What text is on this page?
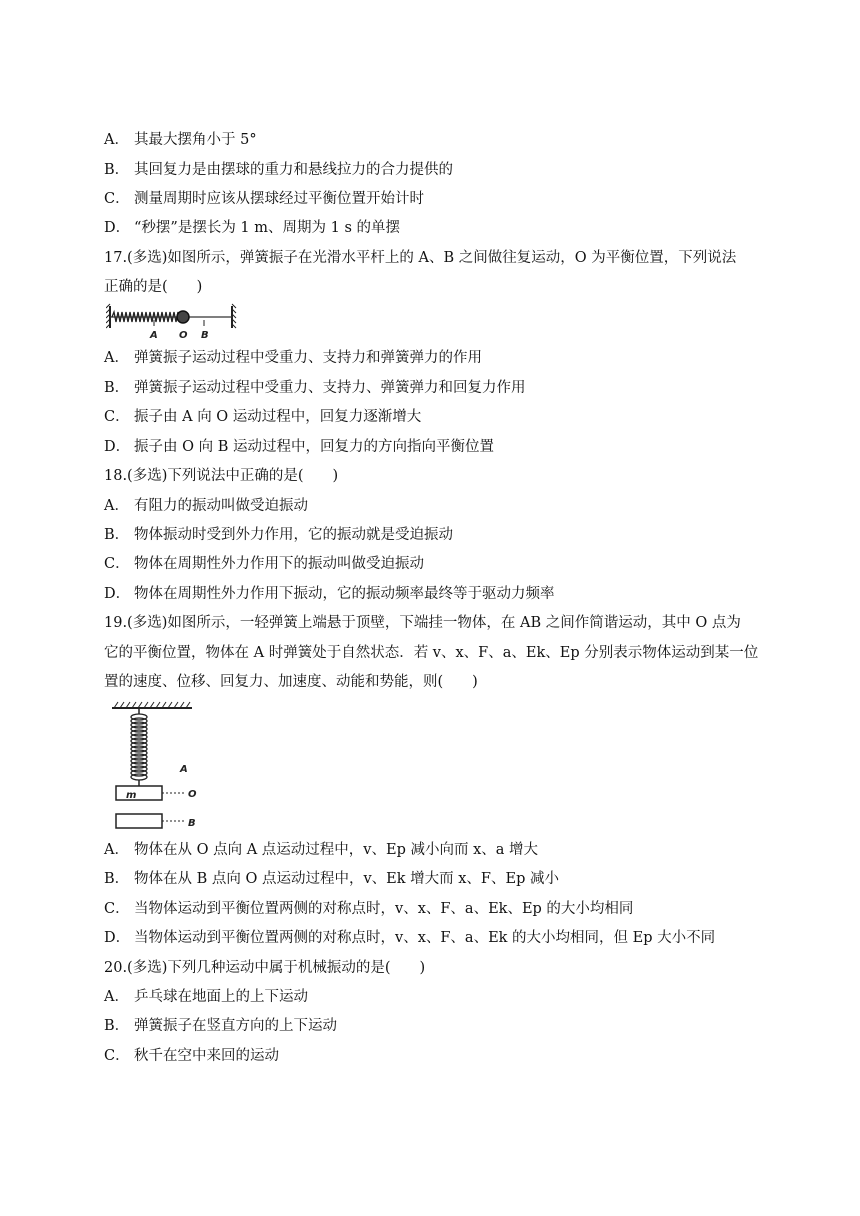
A． 其最大摆角小于 5°
B． 其回复力是由摆球的重力和悬线拉力的合力提供的
C． 测量周期时应该从摆球经过平衡位置开始计时
D． “秒摆”是摆长为 1 m、周期为 1 s 的单摆
17.(多选)如图所示，弹簧振子在光滑水平杆上的 A、B 之间做往复运动，O 为平衡位置，下列说法
正确的是(　　)
A O B
A． 弹簧振子运动过程中受重力、支持力和弹簧弹力的作用
B． 弹簧振子运动过程中受重力、支持力、弹簧弹力和回复力作用
C． 振子由 A 向 O 运动过程中，回复力逐渐增大
D． 振子由 O 向 B 运动过程中，回复力的方向指向平衡位置
18.(多选)下列说法中正确的是(　　)
A． 有阻力的振动叫做受迫振动
B． 物体振动时受到外力作用，它的振动就是受迫振动
C． 物体在周期性外力作用下的振动叫做受迫振动
D． 物体在周期性外力作用下振动，它的振动频率最终等于驱动力频率
19.(多选)如图所示，一轻弹簧上端悬于顶壁，下端挂一物体，在 AB 之间作简谐运动，其中 O 点为
它的平衡位置，物体在 A 时弹簧处于自然状态．若 v、x、F、a、Ek、Ep 分别表示物体运动到某一位
置的速度、位移、回复力、加速度、动能和势能，则(　　)
m	O
A
B
A． 物体在从 O 点向 A 点运动过程中，v、Ep 减小向而 x、a 增大
B． 物体在从 B 点向 O 点运动过程中，v、Ek 增大而 x、F、Ep 减小
C． 当物体运动到平衡位置两侧的对称点时，v、x、F、a、Ek、Ep 的大小均相同
D． 当物体运动到平衡位置两侧的对称点时，v、x、F、a、Ek 的大小均相同，但 Ep 大小不同
20.(多选)下列几种运动中属于机械振动的是(　　)
A． 乒乓球在地面上的上下运动
B． 弹簧振子在竖直方向的上下运动
C． 秋千在空中来回的运动
